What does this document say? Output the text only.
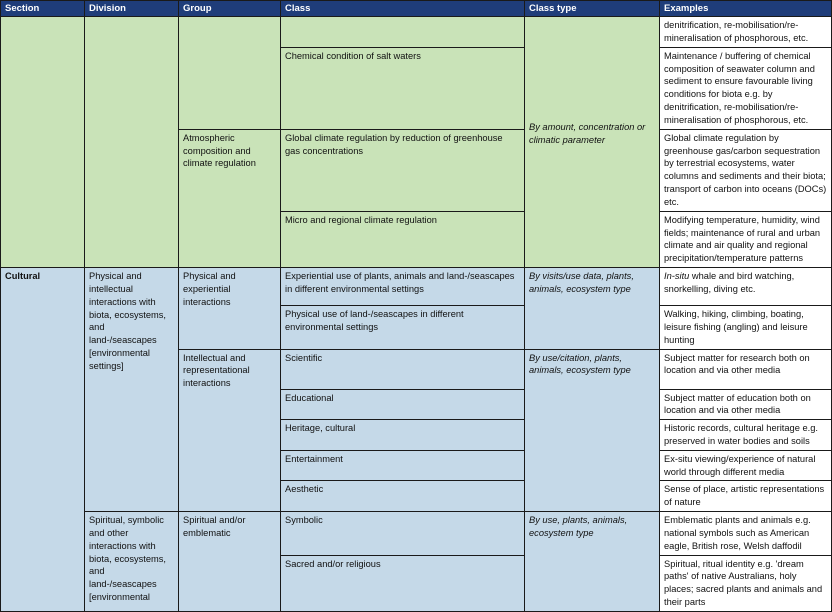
Section	Division	Group	Class	Class type	Examples

				By amount, concentration or climatic parameter	denitrification, re-mobilisation/re-mineralisation of phosphorous, etc.
			Chemical condition of salt waters		Maintenance / buffering of chemical composition of seawater column and sediment to ensure favourable living conditions for biota e.g. by denitrification, re-mobilisation/re-mineralisation of phosphorous, etc.
		Atmospheric composition and climate regulation	Global climate regulation by reduction of greenhouse gas concentrations		Global climate regulation by greenhouse gas/carbon sequestration by terrestrial ecosystems, water columns and sediments and their biota; transport of carbon into oceans (DOCs) etc.
			Micro and regional climate regulation		Modifying temperature, humidity, wind fields; maintenance of rural and urban climate and air quality and regional precipitation/temperature patterns

Cultural	Physical and intellectual interactions with biota, ecosystems, and land-/seascapes [environmental settings]	Physical and experiential interactions	Experiential use of plants, animals and land-/seascapes in different environmental settings	By visits/use data, plants, animals, ecosystem type	In-situ whale and bird watching, snorkelling, diving etc.
			Physical use of land-/seascapes in different environmental settings		Walking, hiking, climbing, boating, leisure fishing (angling) and leisure hunting
		Intellectual and representational interactions	Scientific	By use/citation, plants, animals, ecosystem type	Subject matter for research both on location and via other media
			Educational		Subject matter of education both on location and via other media
			Heritage, cultural		Historic records, cultural heritage e.g. preserved in water bodies and soils
			Entertainment		Ex-situ viewing/experience of natural world through different media
			Aesthetic		Sense of place, artistic representations of nature
	Spiritual, symbolic and other interactions with biota, ecosystems, and land-/seascapes [environmental	Spiritual and/or emblematic	Symbolic	By use, plants, animals, ecosystem type	Emblematic plants and animals e.g. national symbols such as American eagle, British rose, Welsh daffodil
			Sacred and/or religious		Spiritual, ritual identity e.g. 'dream paths' of native Australians, holy places; sacred plants and animals and their parts
